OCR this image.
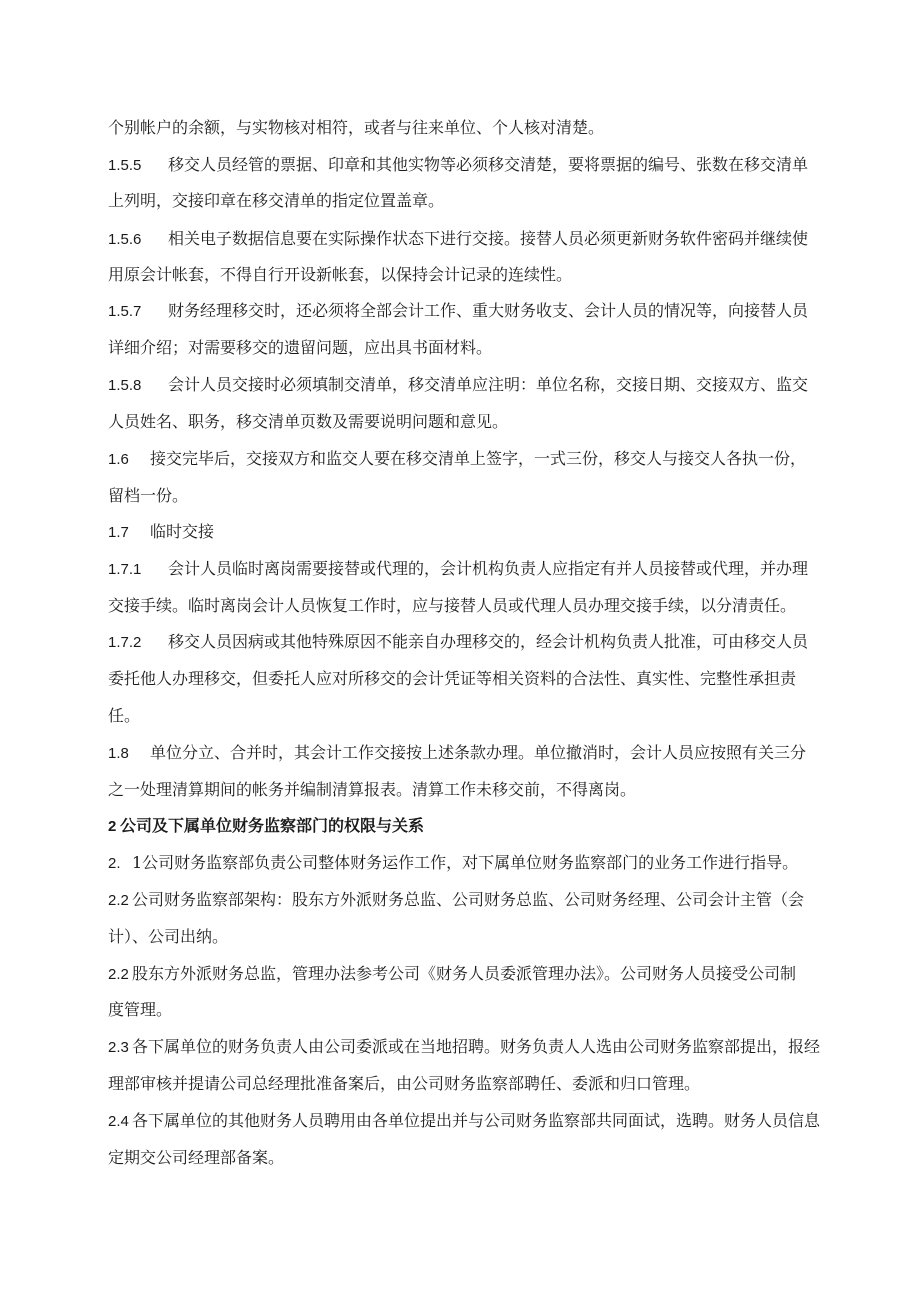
个别帐户的余额，与实物核对相符，或者与往来单位、个人核对清楚。
1.5.5 移交人员经管的票据、印章和其他实物等必须移交清楚，要将票据的编号、张数在移交清单
上列明，交接印章在移交清单的指定位置盖章。
1.5.6 相关电子数据信息要在实际操作状态下进行交接。接替人员必须更新财务软件密码并继续使
用原会计帐套，不得自行开设新帐套，以保持会计记录的连续性。
1.5.7 财务经理移交时，还必须将全部会计工作、重大财务收支、会计人员的情况等，向接替人员
详细介绍；对需要移交的遗留问题，应出具书面材料。
1.5.8 会计人员交接时必须填制交清单，移交清单应注明：单位名称，交接日期、交接双方、监交
人员姓名、职务，移交清单页数及需要说明问题和意见。
1.6 接交完毕后，交接双方和监交人要在移交清单上签字，一式三份，移交人与接交人各执一份，
留档一份。
1.7 临时交接
1.7.1 会计人员临时离岗需要接替或代理的，会计机构负责人应指定有并人员接替或代理，并办理
交接手续。临时离岗会计人员恢复工作时，应与接替人员或代理人员办理交接手续，以分清责任。
1.7.2 移交人员因病或其他特殊原因不能亲自办理移交的，经会计机构负责人批准，可由移交人员
委托他人办理移交，但委托人应对所移交的会计凭证等相关资料的合法性、真实性、完整性承担责
任。
1.8 单位分立、合并时，其会计工作交接按上述条款办理。单位撤消时，会计人员应按照有关三分
之一处理清算期间的帐务并编制清算报表。清算工作未移交前，不得离岗。
2 公司及下属单位财务监察部门的权限与关系
2. 1公司财务监察部负责公司整体财务运作工作，对下属单位财务监察部门的业务工作进行指导。
2.2 公司财务监察部架构：股东方外派财务总监、公司财务总监、公司财务经理、公司会计主管（会
计）、公司出纳。
2.2 股东方外派财务总监，管理办法参考公司《财务人员委派管理办法》。公司财务人员接受公司制
度管理。
2.3 各下属单位的财务负责人由公司委派或在当地招聘。财务负责人人选由公司财务监察部提出，报经
理部审核并提请公司总经理批准备案后，由公司财务监察部聘任、委派和归口管理。
2.4 各下属单位的其他财务人员聘用由各单位提出并与公司财务监察部共同面试，选聘。财务人员信息
定期交公司经理部备案。
